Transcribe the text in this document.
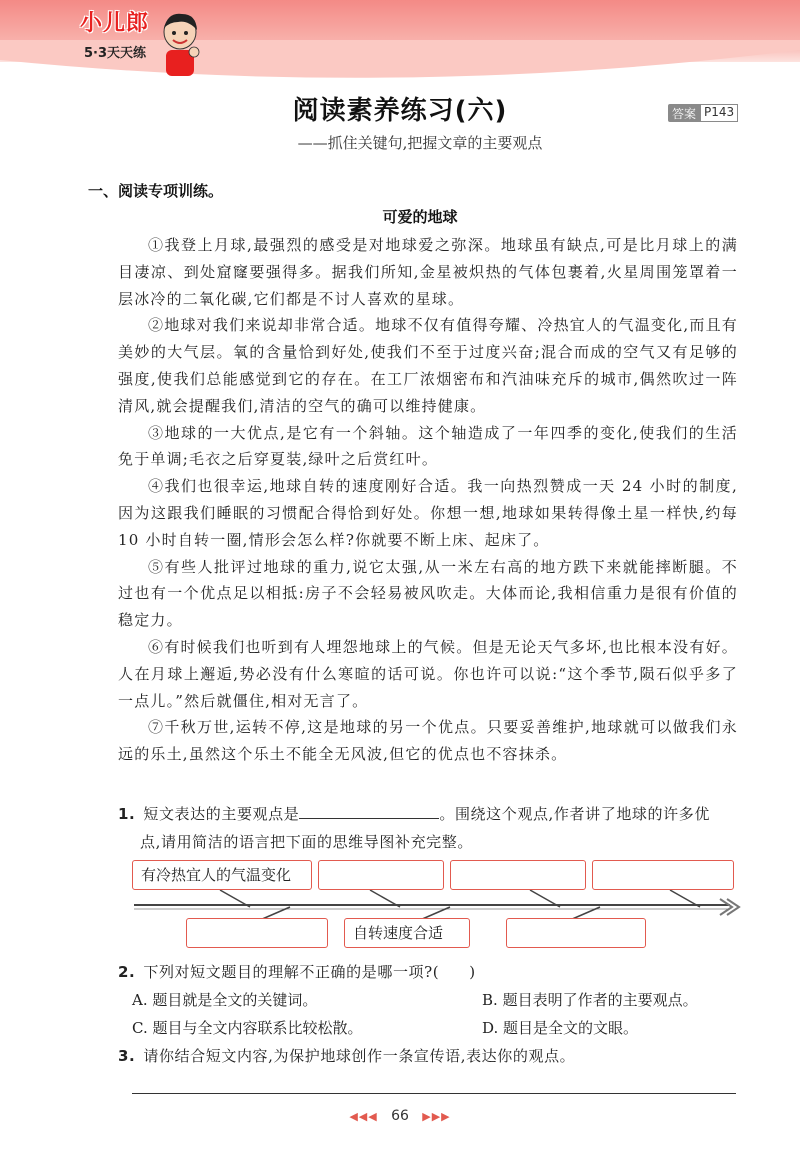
小儿郎
5·3天天练
阅读素养练习(六)	答案 P143
——抓住关键句,把握文章的主要观点
一、阅读专项训练。
可爱的地球

①我登上月球,最强烈的感受是对地球爱之弥深。地球虽有缺点,可是比月球上的满目凄凉、到处窟窿要强得多。据我们所知,金星被炽热的气体包裹着,火星周围笼罩着一层冰冷的二氧化碳,它们都是不讨人喜欢的星球。

②地球对我们来说却非常合适。地球不仅有值得夸耀、冷热宜人的气温变化,而且有美妙的大气层。氧的含量恰到好处,使我们不至于过度兴奋;混合而成的空气又有足够的强度,使我们总能感觉到它的存在。在工厂浓烟密布和汽油味充斥的城市,偶然吹过一阵清风,就会提醒我们,清洁的空气的确可以维持健康。

③地球的一大优点,是它有一个斜轴。这个轴造成了一年四季的变化,使我们的生活免于单调;毛衣之后穿夏装,绿叶之后赏红叶。

④我们也很幸运,地球自转的速度刚好合适。我一向热烈赞成一天 24 小时的制度,因为这跟我们睡眠的习惯配合得恰到好处。你想一想,地球如果转得像土星一样快,约每 10 小时自转一圈,情形会怎么样?你就要不断上床、起床了。

⑤有些人批评过地球的重力,说它太强,从一米左右高的地方跌下来就能摔断腿。不过也有一个优点足以相抵:房子不会轻易被风吹走。大体而论,我相信重力是很有价值的稳定力。

⑥有时候我们也听到有人埋怨地球上的气候。但是无论天气多坏,也比根本没有好。人在月球上邂逅,势必没有什么寒暄的话可说。你也许可以说:“这个季节,陨石似乎多了一点儿。”然后就僵住,相对无言了。

⑦千秋万世,运转不停,这是地球的另一个优点。只要妥善维护,地球就可以做我们永远的乐土,虽然这个乐土不能全无风波,但它的优点也不容抹杀。

1. 短文表达的主要观点是	。围绕这个观点,作者讲了地球的许多优
点,请用简洁的语言把下面的思维导图补充完整。
有冷热宜人的气温变化
自转速度合适
2. 下列对短文题目的理解不正确的是哪一项?( )
A. 题目就是全文的关键词。	B. 题目表明了作者的主要观点。
C. 题目与全文内容联系比较松散。	D. 题目是全文的文眼。
3. 请你结合短文内容,为保护地球创作一条宣传语,表达你的观点。
◀◀◀ 66 ▶▶▶
